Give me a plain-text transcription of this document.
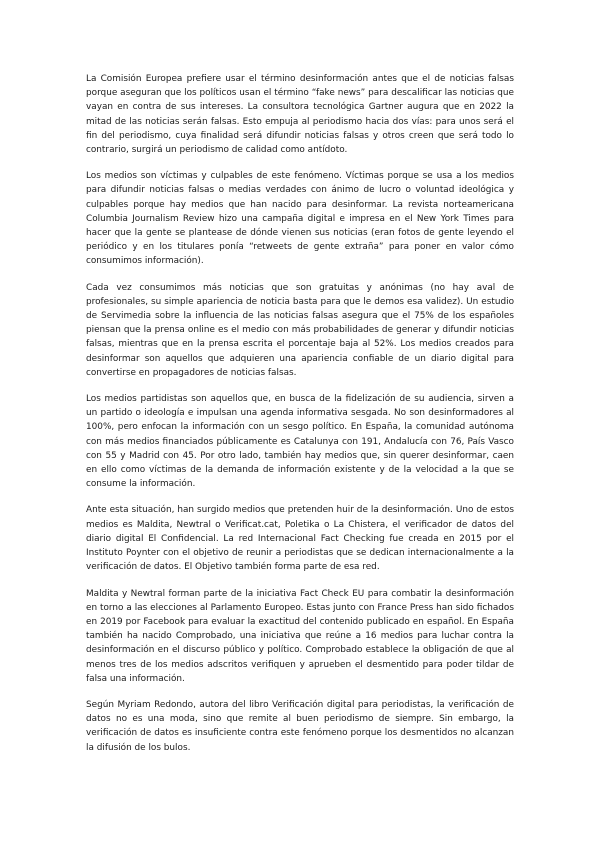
La Comisión Europea prefiere usar el término desinformación antes que el de noticias falsas porque aseguran que los políticos usan el término “fake news” para descalificar las noticias que vayan en contra de sus intereses. La consultora tecnológica Gartner augura que en 2022 la mitad de las noticias serán falsas. Esto empuja al periodismo hacia dos vías: para unos será el fin del periodismo, cuya finalidad será difundir noticias falsas y otros creen que será todo lo contrario, surgirá un periodismo de calidad como antídoto.

Los medios son víctimas y culpables de este fenómeno. Víctimas porque se usa a los medios para difundir noticias falsas o medias verdades con ánimo de lucro o voluntad ideológica y culpables porque hay medios que han nacido para desinformar. La revista norteamericana Columbia Journalism Review hizo una campaña digital e impresa en el New York Times para hacer que la gente se plantease de dónde vienen sus noticias (eran fotos de gente leyendo el periódico y en los titulares ponía “retweets de gente extraña” para poner en valor cómo consumimos información).

Cada vez consumimos más noticias que son gratuitas y anónimas (no hay aval de profesionales, su simple apariencia de noticia basta para que le demos esa validez). Un estudio de Servimedia sobre la influencia de las noticias falsas asegura que el 75% de los españoles piensan que la prensa online es el medio con más probabilidades de generar y difundir noticias falsas, mientras que en la prensa escrita el porcentaje baja al 52%. Los medios creados para desinformar son aquellos que adquieren una apariencia confiable de un diario digital para convertirse en propagadores de noticias falsas.

Los medios partidistas son aquellos que, en busca de la fidelización de su audiencia, sirven a un partido o ideología e impulsan una agenda informativa sesgada. No son desinformadores al 100%, pero enfocan la información con un sesgo político. En España, la comunidad autónoma con más medios financiados públicamente es Catalunya con 191, Andalucía con 76, País Vasco con 55 y Madrid con 45. Por otro lado, también hay medios que, sin querer desinformar, caen en ello como víctimas de la demanda de información existente y de la velocidad a la que se consume la información.

Ante esta situación, han surgido medios que pretenden huir de la desinformación. Uno de estos medios es Maldita, Newtral o Verificat.cat, Poletika o La Chistera, el verificador de datos del diario digital El Confidencial. La red Internacional Fact Checking fue creada en 2015 por el Instituto Poynter con el objetivo de reunir a periodistas que se dedican internacionalmente a la verificación de datos. El Objetivo también forma parte de esa red.

Maldita y Newtral forman parte de la iniciativa Fact Check EU para combatir la desinformación en torno a las elecciones al Parlamento Europeo. Estas junto con France Press han sido fichados en 2019 por Facebook para evaluar la exactitud del contenido publicado en español. En España también ha nacido Comprobado, una iniciativa que reúne a 16 medios para luchar contra la desinformación en el discurso público y político. Comprobado establece la obligación de que al menos tres de los medios adscritos verifiquen y aprueben el desmentido para poder tildar de falsa una información.

Según Myriam Redondo, autora del libro Verificación digital para periodistas, la verificación de datos no es una moda, sino que remite al buen periodismo de siempre. Sin embargo, la verificación de datos es insuficiente contra este fenómeno porque los desmentidos no alcanzan la difusión de los bulos.
